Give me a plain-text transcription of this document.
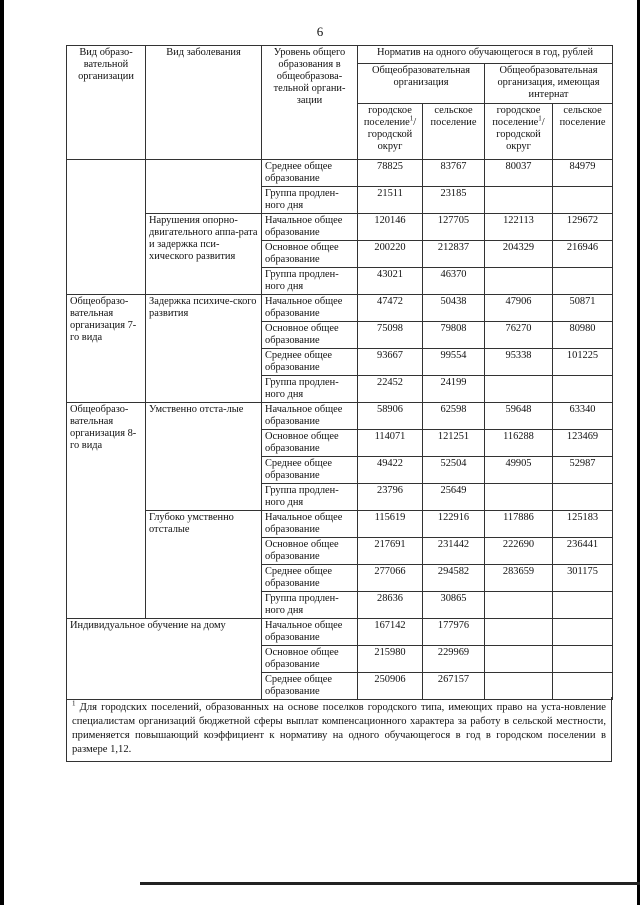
6
Вид образо-вательной организации	Вид заболевания	Уровень общего образования в общеобразова-тельной органи-зации	Норматив на одного обучающегося в год, рублей			
			Общеобразовательная организация		Общеобразовательная организация, имеющая интернат	
			городское поселение$^1$/ городской округ	сельское поселение	городское поселение$^1$/ городской округ	сельское поселение
		Среднее общее образование	78825	83767	80037	84979
		Группа продлен-ного дня	21511	23185		
	Нарушения опорно-двигательного аппа-рата и задержка пси-хического развития	Начальное общее образование	120146	127705	122113	129672
		Основное общее образование	200220	212837	204329	216946
		Группа продлен-ного дня	43021	46370		
Общеобразо-вательная организация 7-го вида	Задержка психиче-ского развития	Начальное общее образование	47472	50438	47906	50871
		Основное общее образование	75098	79808	76270	80980
		Среднее общее образование	93667	99554	95338	101225
		Группа продлен-ного дня	22452	24199		
Общеобразо-вательная организация 8-го вида	Умственно отста-лые	Начальное общее образование	58906	62598	59648	63340
		Основное общее образование	114071	121251	116288	123469
		Среднее общее образование	49422	52504	49905	52987
		Группа продлен-ного дня	23796	25649		
	Глубоко умственно отсталые	Начальное общее образование	115619	122916	117886	125183
		Основное общее образование	217691	231442	222690	236441
		Среднее общее образование	277066	294582	283659	301175
		Группа продлен-ного дня	28636	30865		
Индивидуальное обучение на дому		Начальное общее образование	167142	177976		
		Основное общее образование	215980	229969		
		Среднее общее образование	250906	267157		
$^1$ Для городских поселений, образованных на основе поселков городского типа, имеющих право на уста-новление специалистам организаций бюджетной сферы выплат компенсационного характера за работу в сельской местности, применяется повышающий коэффициент к нормативу на одного обучающегося в год в городском поселении в размере 1,12.
